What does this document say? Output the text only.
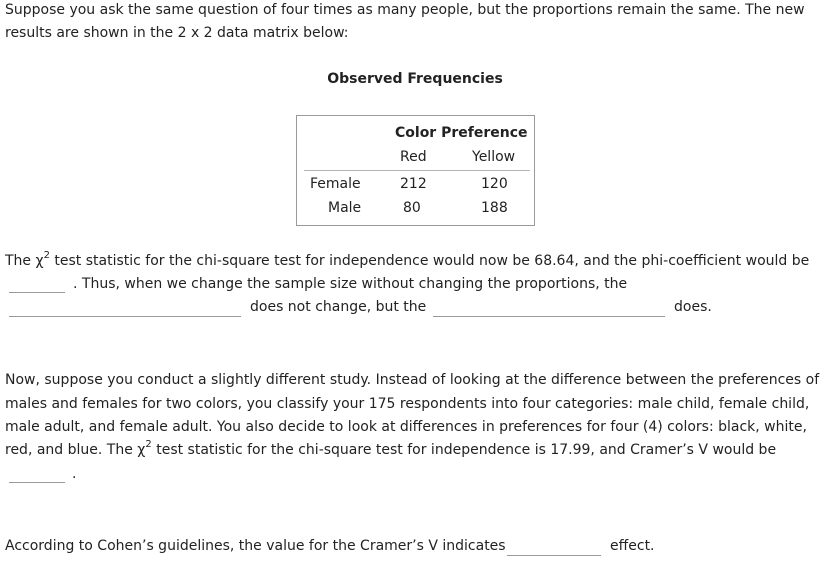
Suppose you ask the same question of four times as many people, but the proportions remain the same. The new
results are shown in the 2 x 2 data matrix below:
Observed Frequencies
Color Preference
Red	Yellow
Female	212	120
Male	80	188
The $\chi^2$ test statistic for the chi-square test for independence would now be 68.64, and the phi-coefficient would be
. Thus, when we change the sample size without changing the proportions, the
does not change, but the	does.
Now, suppose you conduct a slightly different study. Instead of looking at the difference between the preferences of
males and females for two colors, you classify your 175 respondents into four categories: male child, female child,
male adult, and female adult. You also decide to look at differences in preferences for four (4) colors: black, white,
red, and blue. The $\chi^2$ test statistic for the chi-square test for independence is 17.99, and Cramer’s V would be
.
According to Cohen’s guidelines, the value for the Cramer’s V indicates	effect.
